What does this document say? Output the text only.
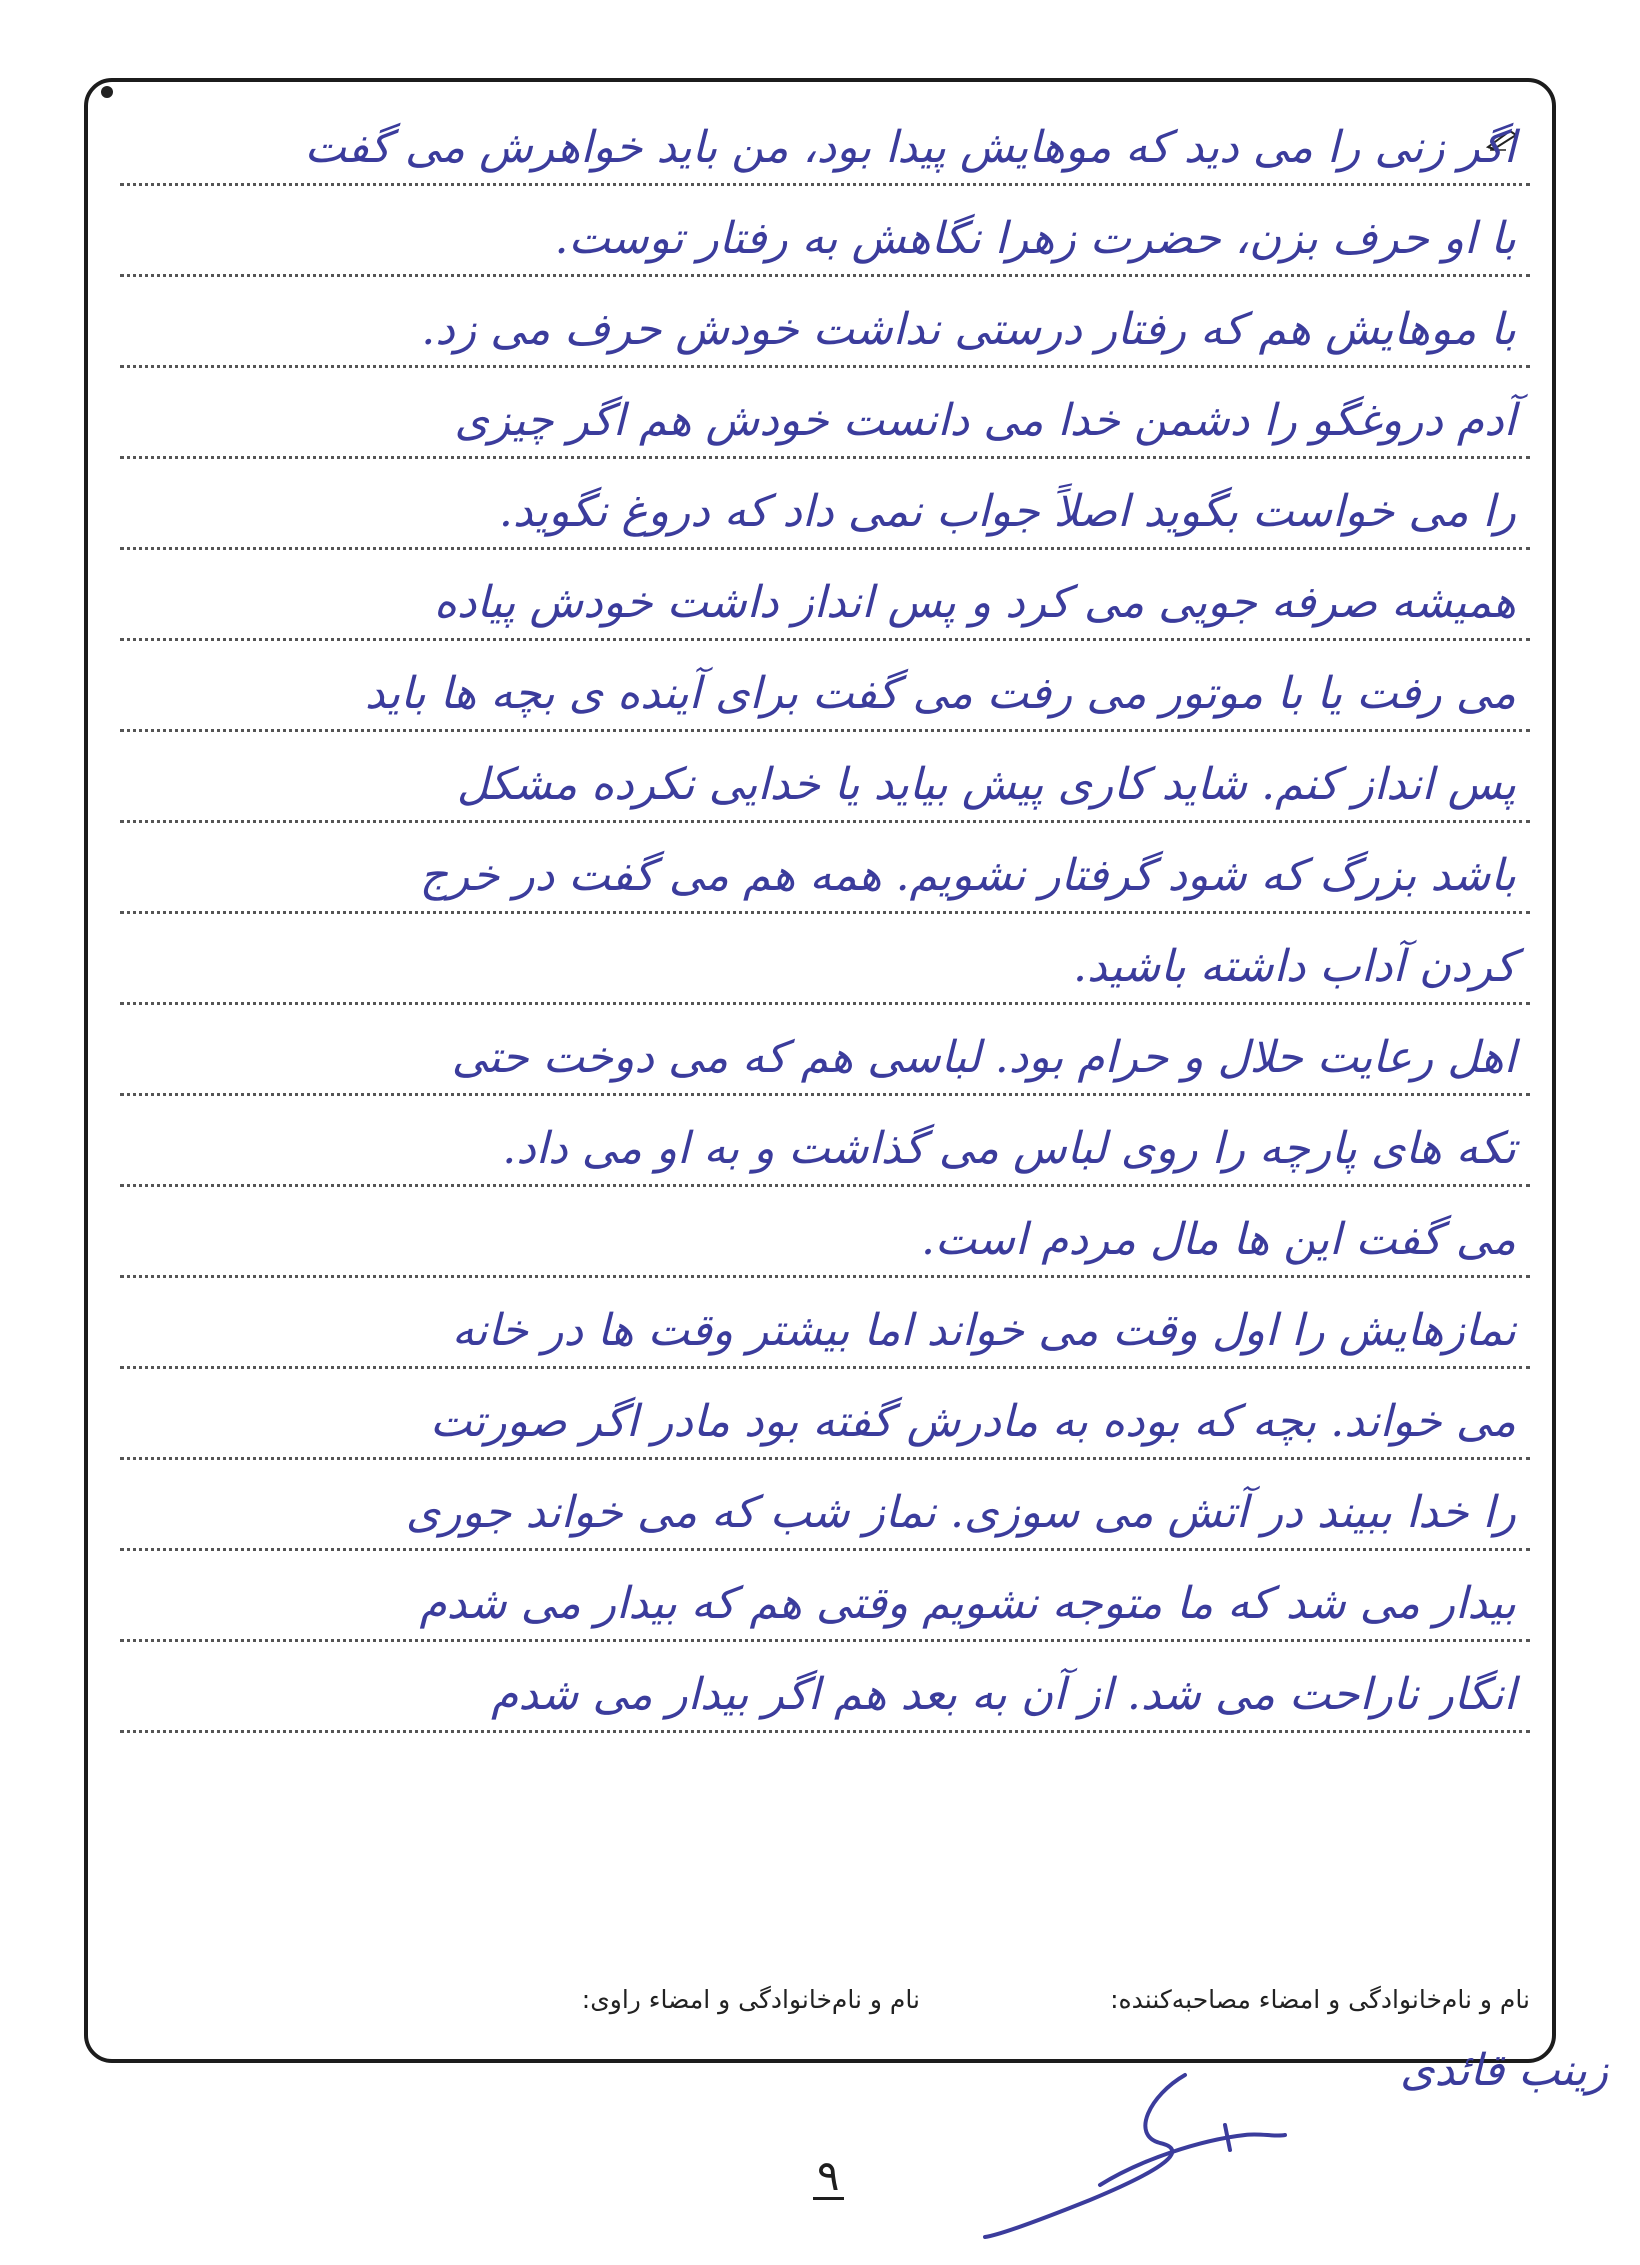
اگر زنی را می دید که موهایش پیدا بود، من باید خواهرش می گفت
با او حرف بزن، حضرت زهرا نگاهش به رفتار توست.
با موهایش هم که رفتار درستی نداشت خودش حرف می زد.
آدم دروغگو را دشمن خدا می دانست خودش هم اگر چیزی
را می خواست بگوید اصلاً جواب نمی داد که دروغ نگوید.
همیشه صرفه جویی می کرد و پس انداز داشت خودش پیاده
می رفت یا با موتور می رفت می گفت برای آینده ی بچه ها باید
پس انداز کنم. شاید کاری پیش بیاید یا خدایی نکرده مشکل
باشد بزرگ که شود گرفتار نشویم. همه هم می گفت در خرج
کردن آداب داشته باشید.
اهل رعایت حلال و حرام بود. لباسی هم که می دوخت حتی
تکه های پارچه را روی لباس می گذاشت و به او می داد.
می گفت این ها مال مردم است.
نمازهایش را اول وقت می خواند اما بیشتر وقت ها در خانه
می خواند. بچه که بوده به مادرش گفته بود مادر اگر صورتت
را خدا ببیند در آتش می سوزی. نماز شب که می خواند جوری
بیدار می شد که ما متوجه نشویم وقتی هم که بیدار می شدم
انگار ناراحت می شد. از آن به بعد هم اگر بیدار می شدم
نام و نام‌خانوادگی و امضاء مصاحبه‌کننده:
نام و نام‌خانوادگی و امضاء راوی:
زینب قائدی
۹
